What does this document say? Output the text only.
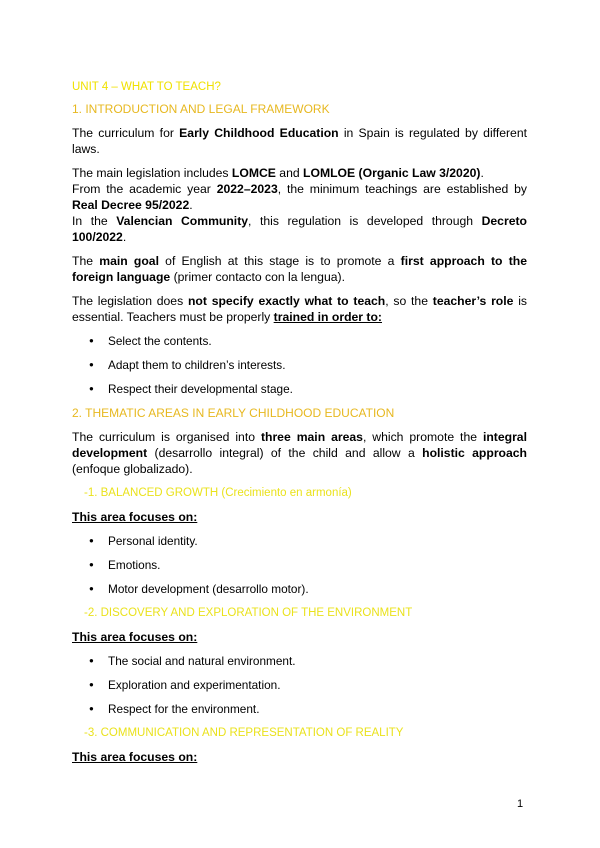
UNIT 4 – WHAT TO TEACH?
1. INTRODUCTION AND LEGAL FRAMEWORK

The curriculum for Early Childhood Education in Spain is regulated by different laws.

The main legislation includes LOMCE and LOMLOE (Organic Law 3/2020).

From the academic year 2022–2023, the minimum teachings are established by Real Decree 95/2022.

In the Valencian Community, this regulation is developed through Decreto 100/2022.

The main goal of English at this stage is to promote a first approach to the foreign language (primer contacto con la lengua).

The legislation does not specify exactly what to teach, so the teacher’s role is essential. Teachers must be properly trained in order to:

● Select the contents.
● Adapt them to children’s interests.
● Respect their developmental stage.
2. THEMATIC AREAS IN EARLY CHILDHOOD EDUCATION

The curriculum is organised into three main areas, which promote the integral development (desarrollo integral) of the child and allow a holistic approach (enfoque globalizado).

-1. BALANCED GROWTH (Crecimiento en armonía)
This area focuses on:
● Personal identity.
● Emotions.
● Motor development (desarrollo motor).
-2. DISCOVERY AND EXPLORATION OF THE ENVIRONMENT
This area focuses on:
● The social and natural environment.
● Exploration and experimentation.
● Respect for the environment.
-3. COMMUNICATION AND REPRESENTATION OF REALITY
This area focuses on:
1
